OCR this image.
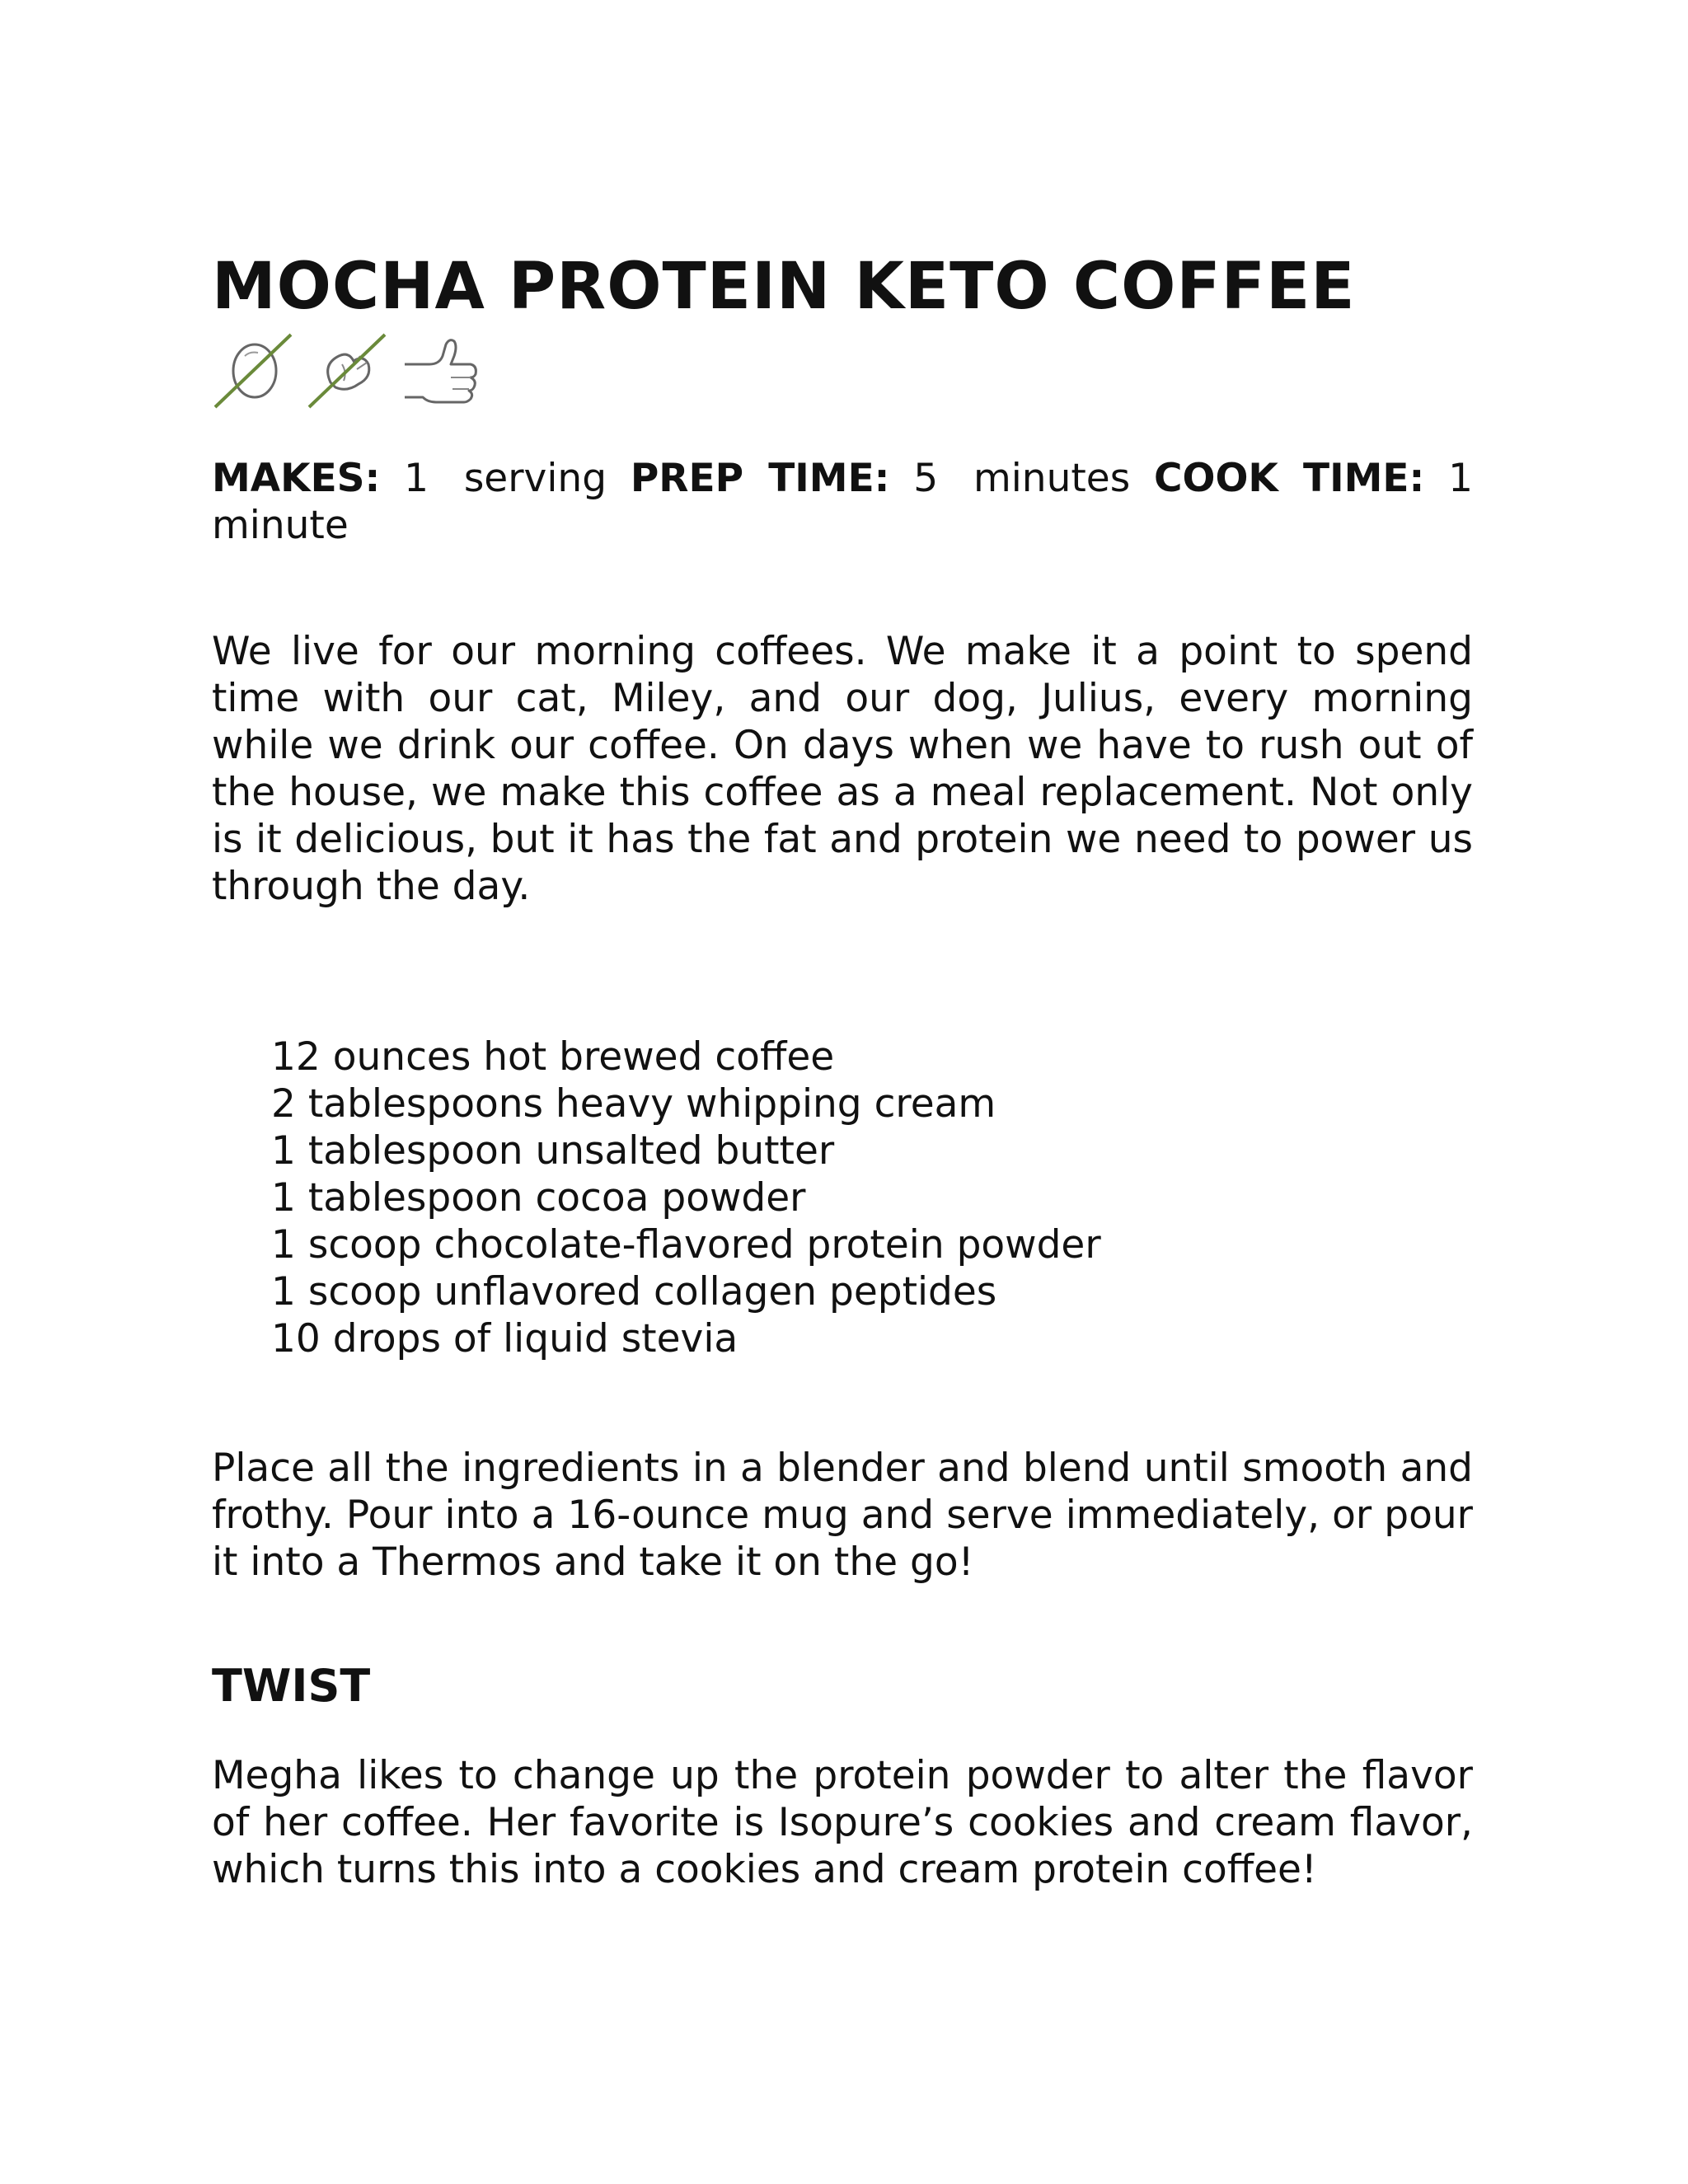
MOCHA PROTEIN KETO COFFEE
MAKES: 1 serving PREP TIME: 5 minutes COOK TIME: 1 minute

We live for our morning coffees. We make it a point to spend time with our cat, Miley, and our dog, Julius, every morning while we drink our coffee. On days when we have to rush out of the house, we make this coffee as a meal replacement. Not only is it delicious, but it has the fat and protein we need to power us through the day.

12 ounces hot brewed coffee
2 tablespoons heavy whipping cream
1 tablespoon unsalted butter
1 tablespoon cocoa powder
1 scoop chocolate-flavored protein powder
1 scoop unflavored collagen peptides
10 drops of liquid stevia

Place all the ingredients in a blender and blend until smooth and frothy. Pour into a 16-ounce mug and serve immediately, or pour it into a Thermos and take it on the go!

TWIST

Megha likes to change up the protein powder to alter the flavor of her coffee. Her favorite is Isopure’s cookies and cream flavor, which turns this into a cookies and cream protein coffee!
